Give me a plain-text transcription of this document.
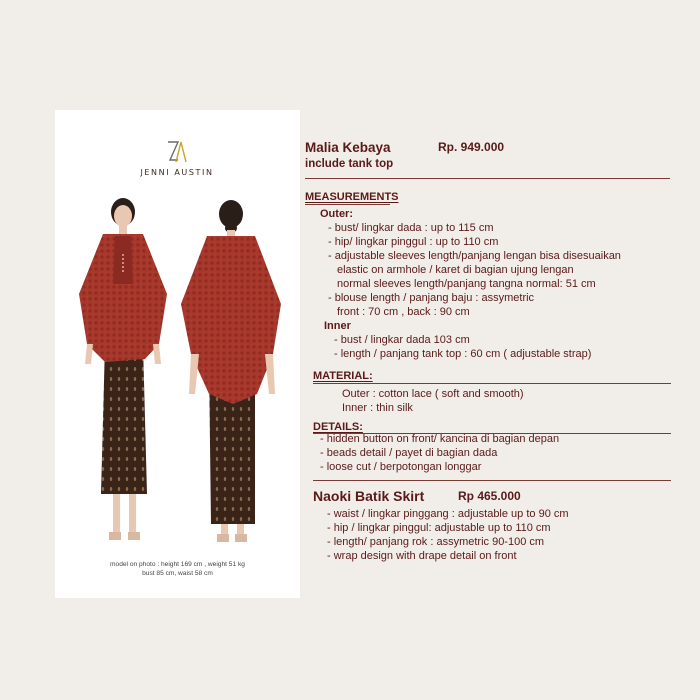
JENNI AUSTIN
model on photo : height 169 cm , weight 51 kg
bust 85 cm, waist 58 cm
Malia Kebaya	Rp. 949.000
include tank top
MEASUREMENTS
Outer:
- bust/ lingkar dada : up to 115 cm
- hip/ lingkar pinggul : up to 110 cm
- adjustable sleeves length/panjang lengan bisa disesuaikan
elastic on armhole / karet di bagian ujung lengan
normal sleeves length/panjang tangna normal: 51 cm
- blouse length / panjang baju : assymetric
front : 70 cm , back : 90 cm
Inner
- bust / lingkar dada 103 cm
- length / panjang tank top : 60 cm ( adjustable strap)
MATERIAL:
Outer : cotton lace ( soft and smooth)
Inner : thin silk
DETAILS:
- hidden button on front/ kancina di bagian depan
- beads detail / payet di bagian dada
- loose cut / berpotongan longgar
Naoki Batik Skirt	Rp 465.000
- waist / lingkar pinggang : adjustable up to 90 cm
- hip / lingkar pinggul: adjustable up to 110 cm
- length/ panjang rok : assymetric 90-100 cm
- wrap design with drape detail on front
